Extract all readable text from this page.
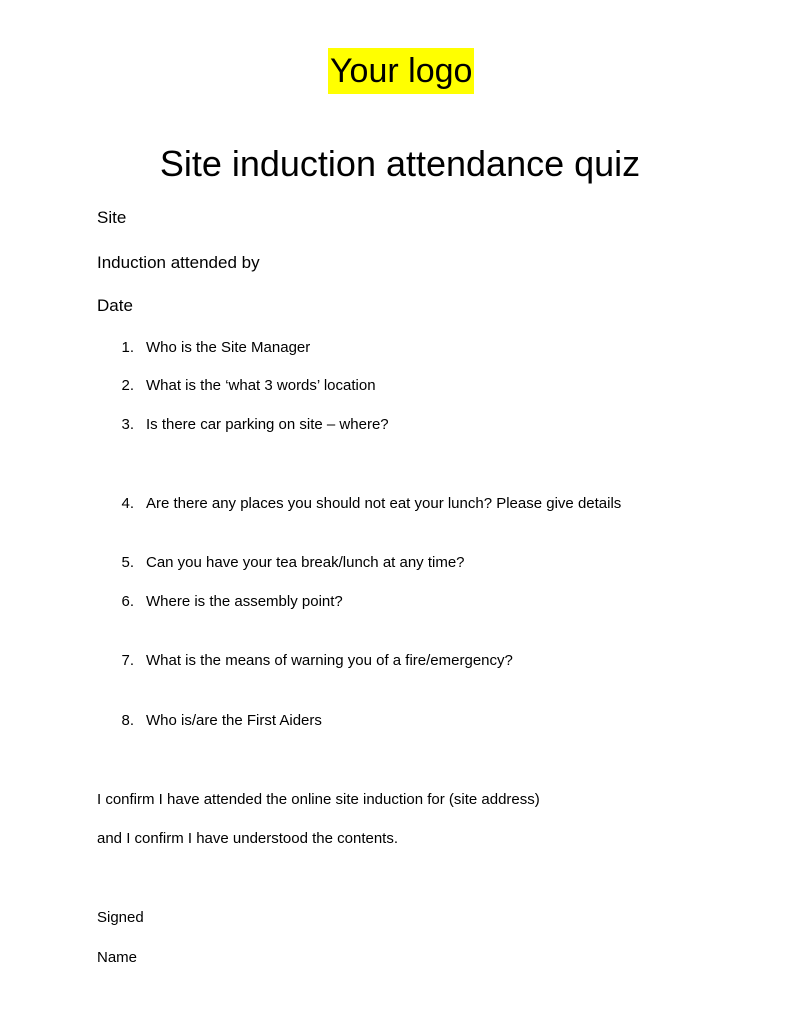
Your logo
Site induction attendance quiz
Site
Induction attended by
Date
1. Who is the Site Manager
2. What is the ‘what 3 words’ location
3. Is there car parking on site – where?
4. Are there any places you should not eat your lunch? Please give details
5. Can you have your tea break/lunch at any time?
6. Where is the assembly point?
7. What is the means of warning you of a fire/emergency?
8. Who is/are the First Aiders
I confirm I have attended the online site induction for (site address)
and I confirm I have understood the contents.
Signed
Name
